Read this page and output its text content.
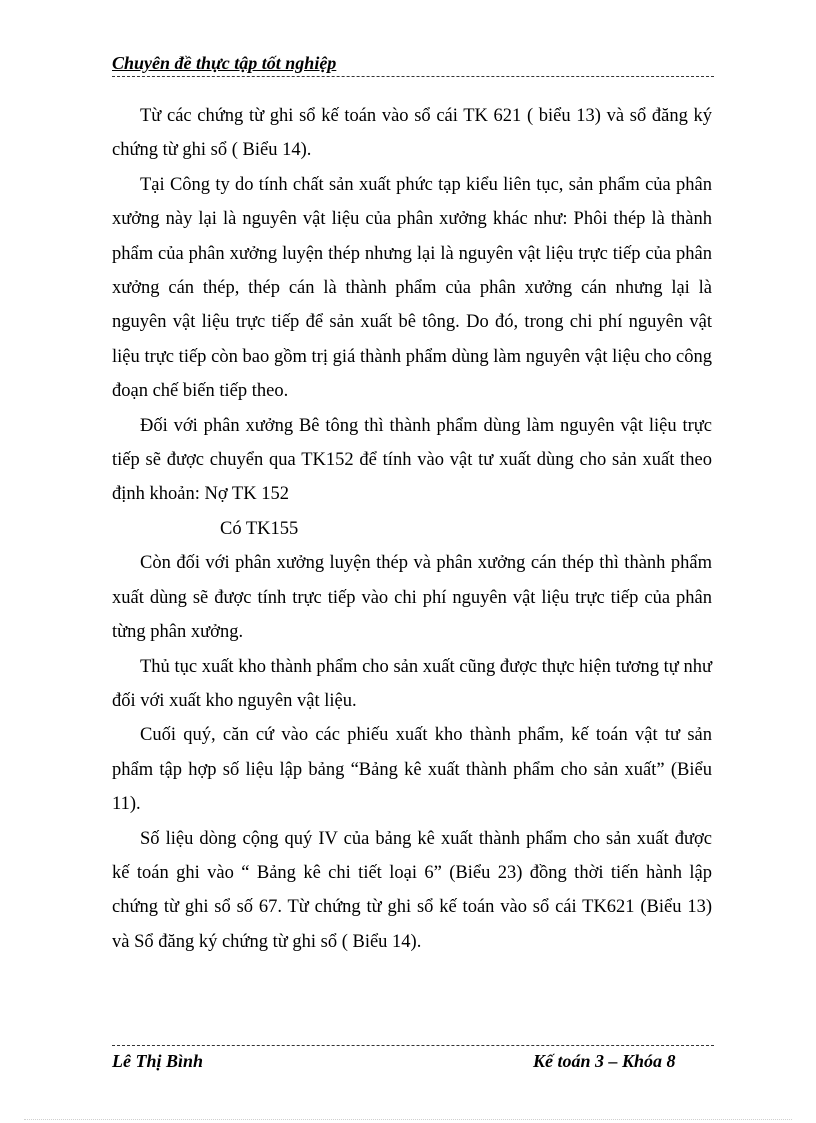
Chuyên đề thực tập tốt nghiệp

Từ các chứng từ ghi sổ kế toán vào sổ cái TK 621 ( biểu 13) và sổ đăng ký chứng từ ghi sổ ( Biểu 14).

Tại Công ty do tính chất sản xuất phức tạp kiểu liên tục, sản phẩm của phân xưởng này lại là nguyên vật liệu của phân xưởng khác như: Phôi thép là thành phẩm của phân xưởng luyện thép nhưng lại là nguyên vật liệu trực tiếp của phân xưởng cán thép, thép cán là thành phẩm của phân xưởng cán nhưng lại là nguyên vật liệu trực tiếp để sản xuất bê tông. Do đó, trong chi phí nguyên vật liệu trực tiếp còn bao gồm trị giá thành phẩm dùng làm nguyên vật liệu cho công đoạn chế biến tiếp theo.

Đối với phân xưởng Bê tông thì thành phẩm dùng làm nguyên vật liệu trực tiếp sẽ được chuyển qua TK152 để tính vào vật tư xuất dùng cho sản xuất theo định khoản: Nợ TK 152

Có TK155

Còn đối với phân xưởng luyện thép và phân xưởng cán thép thì thành phẩm xuất dùng sẽ được tính trực tiếp vào chi phí nguyên vật liệu trực tiếp của phân từng phân xưởng.

Thủ tục xuất kho thành phẩm cho sản xuất cũng được thực hiện tương tự như đối với xuất kho nguyên vật liệu.

Cuối quý, căn cứ vào các phiếu xuất kho thành phẩm, kế toán vật tư sản phẩm tập hợp số liệu lập bảng “Bảng kê xuất thành phẩm cho sản xuất” (Biểu 11).

Số liệu dòng cộng quý IV của bảng kê xuất thành phẩm cho sản xuất được kế toán ghi vào “ Bảng kê chi tiết loại 6” (Biểu 23) đồng thời tiến hành lập chứng từ ghi sổ số 67. Từ chứng từ ghi sổ kế toán vào sổ cái TK621 (Biểu 13) và Sổ đăng ký chứng từ ghi sổ ( Biểu 14).

Lê Thị Bình	Kế toán 3 – Khóa 8
